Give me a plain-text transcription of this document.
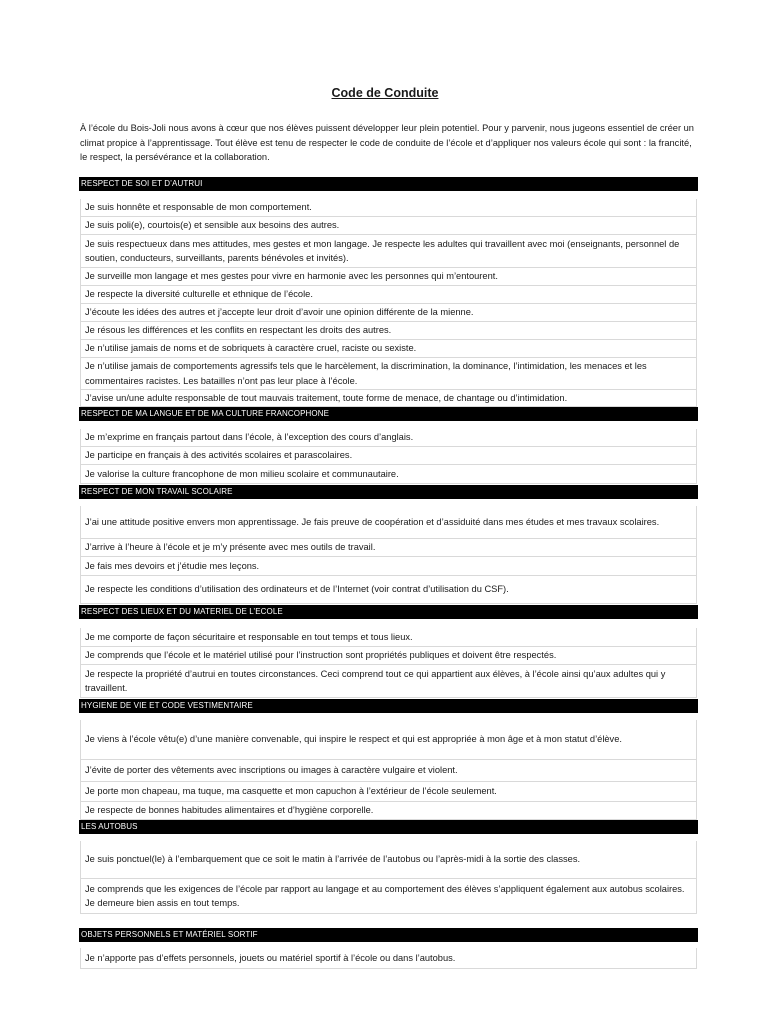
Code de Conduite
À l’école du Bois-Joli nous avons à cœur que nos élèves puissent développer leur plein potentiel. Pour y parvenir, nous jugeons essentiel de créer un climat propice à l’apprentissage. Tout élève est tenu de respecter le code de conduite de l’école et d’appliquer nos valeurs école qui sont : la francité, le respect, la persévérance et la collaboration.
RESPECT DE SOI ET D’AUTRUI
Je suis honnête et responsable de mon comportement.
Je suis poli(e), courtois(e) et sensible aux besoins des autres.
Je suis respectueux dans mes attitudes, mes gestes et mon langage. Je respecte les adultes qui travaillent avec moi (enseignants, personnel de soutien, conducteurs, surveillants, parents bénévoles et invités).
Je surveille mon langage et mes gestes pour vivre en harmonie avec les personnes qui m’entourent.
Je respecte la diversité culturelle et ethnique de l’école.
J’écoute les idées des autres et j’accepte leur droit d’avoir une opinion différente de la mienne.
Je résous les différences et les conflits en respectant les droits des autres.
Je n’utilise jamais de noms et de sobriquets à caractère cruel, raciste ou sexiste.
Je n’utilise jamais de comportements agressifs tels que le harcèlement, la discrimination, la dominance, l’intimidation, les menaces et les commentaires racistes. Les batailles n’ont pas leur place à l’école.
J’avise un/une adulte responsable de tout mauvais traitement, toute forme de menace, de chantage ou d’intimidation.
RESPECT DE MA LANGUE ET DE MA CULTURE FRANCOPHONE
Je m’exprime en français partout dans l’école, à l’exception des cours d’anglais.
Je participe en français à des activités scolaires et parascolaires.
Je valorise la culture francophone de mon milieu scolaire et communautaire.
RESPECT DE MON TRAVAIL SCOLAIRE
J’ai une attitude positive envers mon apprentissage. Je fais preuve de coopération et d’assiduité dans mes études et mes travaux scolaires.
J’arrive à l’heure à l’école et je m’y présente avec mes outils de travail.
Je fais mes devoirs et j’étudie mes leçons.
Je respecte les conditions d’utilisation des ordinateurs et de l’Internet (voir contrat d’utilisation du CSF).
RESPECT DES LIEUX ET DU MATERIEL DE L’ECOLE
Je me comporte de façon sécuritaire et responsable en tout temps et tous lieux.
Je comprends que l’école et le matériel utilisé pour l’instruction sont propriétés publiques et doivent être respectés.
Je respecte la propriété d’autrui en toutes circonstances. Ceci comprend tout ce qui appartient aux élèves, à l’école ainsi qu’aux adultes qui y travaillent.
HYGIENE DE VIE ET CODE VESTIMENTAIRE
Je viens à l’école vêtu(e) d’une manière convenable, qui inspire le respect et qui est appropriée à mon âge et à mon statut d’élève.
J’évite de porter des vêtements avec inscriptions ou images à caractère vulgaire et violent.
Je porte mon chapeau, ma tuque, ma casquette et mon capuchon à l’extérieur de l’école seulement.
Je respecte de bonnes habitudes alimentaires et d’hygiène corporelle.
LES AUTOBUS
Je suis ponctuel(le) à l’embarquement que ce soit le matin à l’arrivée de l’autobus ou l’après-midi à la sortie des classes.
Je comprends que les exigences de l’école par rapport au langage et au comportement des élèves s’appliquent également aux autobus scolaires. Je demeure bien assis en tout temps.
OBJETS PERSONNELS ET MATÉRIEL SORTIF
Je n’apporte pas d’effets personnels, jouets ou matériel sportif à l’école ou dans l’autobus.
